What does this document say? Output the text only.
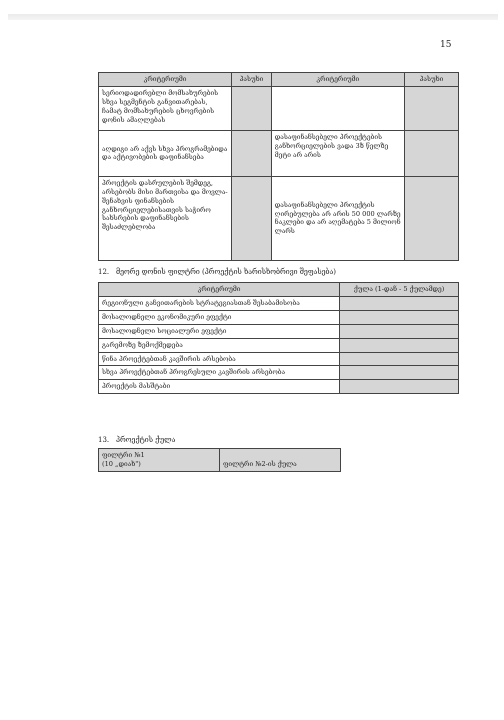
15
კრიტერიუმი	პასუხი	კრიტერიუმი	პასუხი
სერიოდადირებლი მომსახურების სხვა სეგმენტის განვითარებას, ჩამატ მომსახურების ცხოვრების დონის ამაღლებას			
აღდიგი არ აქვს სხვა პროგრამებიდა და აქტივობების დაფინანსება		დასაფინანსებელი პროექტების განხორციელების ვადა 3ზ წელზე მეტი არ არის	
პროექტის დასრულების შემდეგ, არსებობს მისი მართვისა და მოვლა-შენახვის ფინანსების განხორციელებისათვის საჭირო სახსრების დაფინანსების შესაძლებლობა		დასაფინანსებელი პროექტის ღირებულება არ არის 50 000 ლარზე ნაკლები და არ აღემატება 5 მილიონ ლარს	
12. მეორე დონის ფილტრი (პროექტის ხარისხობრივი შეფასება)
კრიტერიუმი	ქულა (1-დან - 5 ქულამდე)
რეგიონული განვითარების სტრატეგიასთან შესაბამისობა	
მოსალოდნელი ეკონომიკური ეფექტი	
მოსალოდნელი სოციალური ეფექტი	
გარემოზე ზემოქმედება	
წინა პროექტებთან კავშირის არსებობა	
სხვა პროექტებთან პროგრესული კავშირის არსებობა	
პროექტის მასშტაბი	
13. პროექტის ქულა
ფილტრი №1
(10 „დიახ")	ფილტრი №2-ის ქულა
